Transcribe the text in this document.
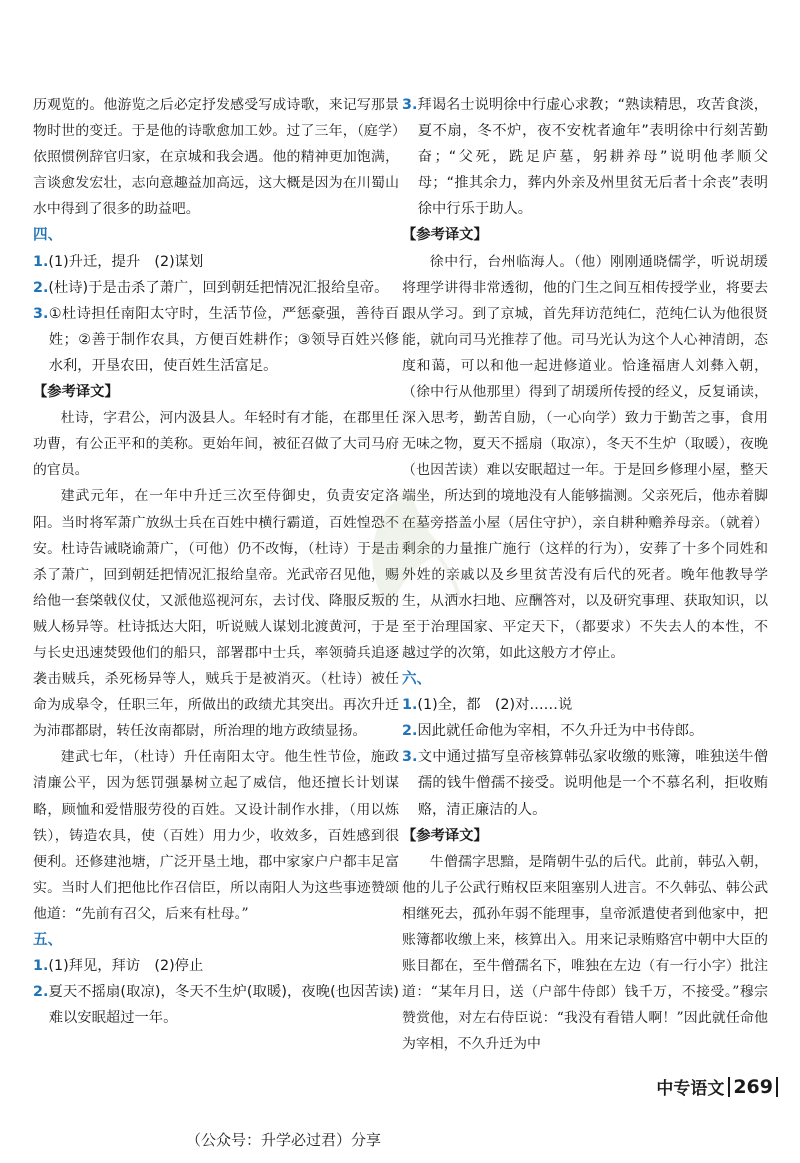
历观览的。他游览之后必定抒发感受写成诗歌，来记写那景物时世的变迁。于是他的诗歌愈加工妙。过了三年，（庭学）依照惯例辞官归家，在京城和我会遇。他的精神更加饱满，言谈愈发宏壮，志向意趣益加高远，这大概是因为在川蜀山水中得到了很多的助益吧。

四、

1.(1)升迁，提升　(2)谋划

2.(杜诗)于是击杀了萧广，回到朝廷把情况汇报给皇帝。

3.①杜诗担任南阳太守时，生活节俭，严惩豪强，善待百姓；②善于制作农具，方便百姓耕作；③领导百姓兴修水利，开垦农田，使百姓生活富足。

【参考译文】

杜诗，字君公，河内汲县人。年轻时有才能，在郡里任功曹，有公正平和的美称。更始年间，被征召做了大司马府的官员。

建武元年，在一年中升迁三次至侍御史，负责安定洛阳。当时将军萧广放纵士兵在百姓中横行霸道，百姓惶恐不安。杜诗告诫晓谕萧广，（可他）仍不改悔，（杜诗）于是击杀了萧广，回到朝廷把情况汇报给皇帝。光武帝召见他，赐给他一套棨戟仪仗，又派他巡视河东，去讨伐、降服反叛的贼人杨异等。杜诗抵达大阳，听说贼人谋划北渡黄河，于是与长史迅速焚毁他们的船只，部署郡中士兵，率领骑兵追逐袭击贼兵，杀死杨异等人，贼兵于是被消灭。（杜诗）被任命为成皋令，任职三年，所做出的政绩尤其突出。再次升迁为沛郡都尉，转任汝南都尉，所治理的地方政绩显扬。

建武七年，（杜诗）升任南阳太守。他生性节俭，施政清廉公平，因为惩罚强暴树立起了威信，他还擅长计划谋略，顾恤和爱惜服劳役的百姓。又设计制作水排，（用以炼铁），铸造农具，使（百姓）用力少，收效多，百姓感到很便利。还修建池塘，广泛开垦土地，郡中家家户户都丰足富实。当时人们把他比作召信臣，所以南阳人为这些事迹赞颂他道：“先前有召父，后来有杜母。”

五、

1.(1)拜见，拜访　(2)停止

2.夏天不摇扇(取凉)，冬天不生炉(取暖)，夜晚(也因苦读)难以安眠超过一年。

3.拜谒名士说明徐中行虚心求教；“熟读精思，攻苦食淡，夏不扇，冬不炉，夜不安枕者逾年”表明徐中行刻苦勤奋；“父死，跣足庐墓，躬耕养母”说明他孝顺父母；“推其余力，葬内外亲及州里贫无后者十余丧”表明徐中行乐于助人。

【参考译文】

徐中行，台州临海人。（他）刚刚通晓儒学，听说胡瑗将理学讲得非常透彻，他的门生之间互相传授学业，将要去跟从学习。到了京城，首先拜访范纯仁，范纯仁认为他很贤能，就向司马光推荐了他。司马光认为这个人心神清朗，态度和蔼，可以和他一起进修道业。恰逢福唐人刘彝入朝，（徐中行从他那里）得到了胡瑗所传授的经义，反复诵读，深入思考，勤苦自励，（一心向学）致力于勤苦之事，食用无味之物，夏天不摇扇（取凉），冬天不生炉（取暖），夜晚（也因苦读）难以安眠超过一年。于是回乡修理小屋，整天端坐，所达到的境地没有人能够揣测。父亲死后，他赤着脚在墓旁搭盖小屋（居住守护），亲自耕种赡养母亲。（就着）剩余的力量推广施行（这样的行为），安葬了十多个同姓和外姓的亲戚以及乡里贫苦没有后代的死者。晚年他教导学生，从洒水扫地、应酬答对，以及研究事理、获取知识，以至于治理国家、平定天下，（都要求）不失去人的本性，不越过学的次第，如此这般方才停止。

六、

1.(1)全，都　(2)对……说

2.因此就任命他为宰相，不久升迁为中书侍郎。

3.文中通过描写皇帝核算韩弘家收缴的账簿，唯独送牛僧孺的钱牛僧孺不接受。说明他是一个不慕名利，拒收贿赂，清正廉洁的人。

【参考译文】

牛僧孺字思黯，是隋朝牛弘的后代。此前，韩弘入朝，他的儿子公武行贿权臣来阻塞别人进言。不久韩弘、韩公武相继死去，孤孙年弱不能理事，皇帝派遣使者到他家中，把账簿都收缴上来，核算出入。用来记录贿赂宫中朝中大臣的账目都在，至牛僧孺名下，唯独在左边（有一行小字）批注道：“某年月日，送（户部牛侍郎）钱千万，不接受。”穆宗赞赏他，对左右侍臣说：“我没有看错人啊！”因此就任命他为宰相，不久升迁为中

中专语文 269
（公众号：升学必过君）分享
